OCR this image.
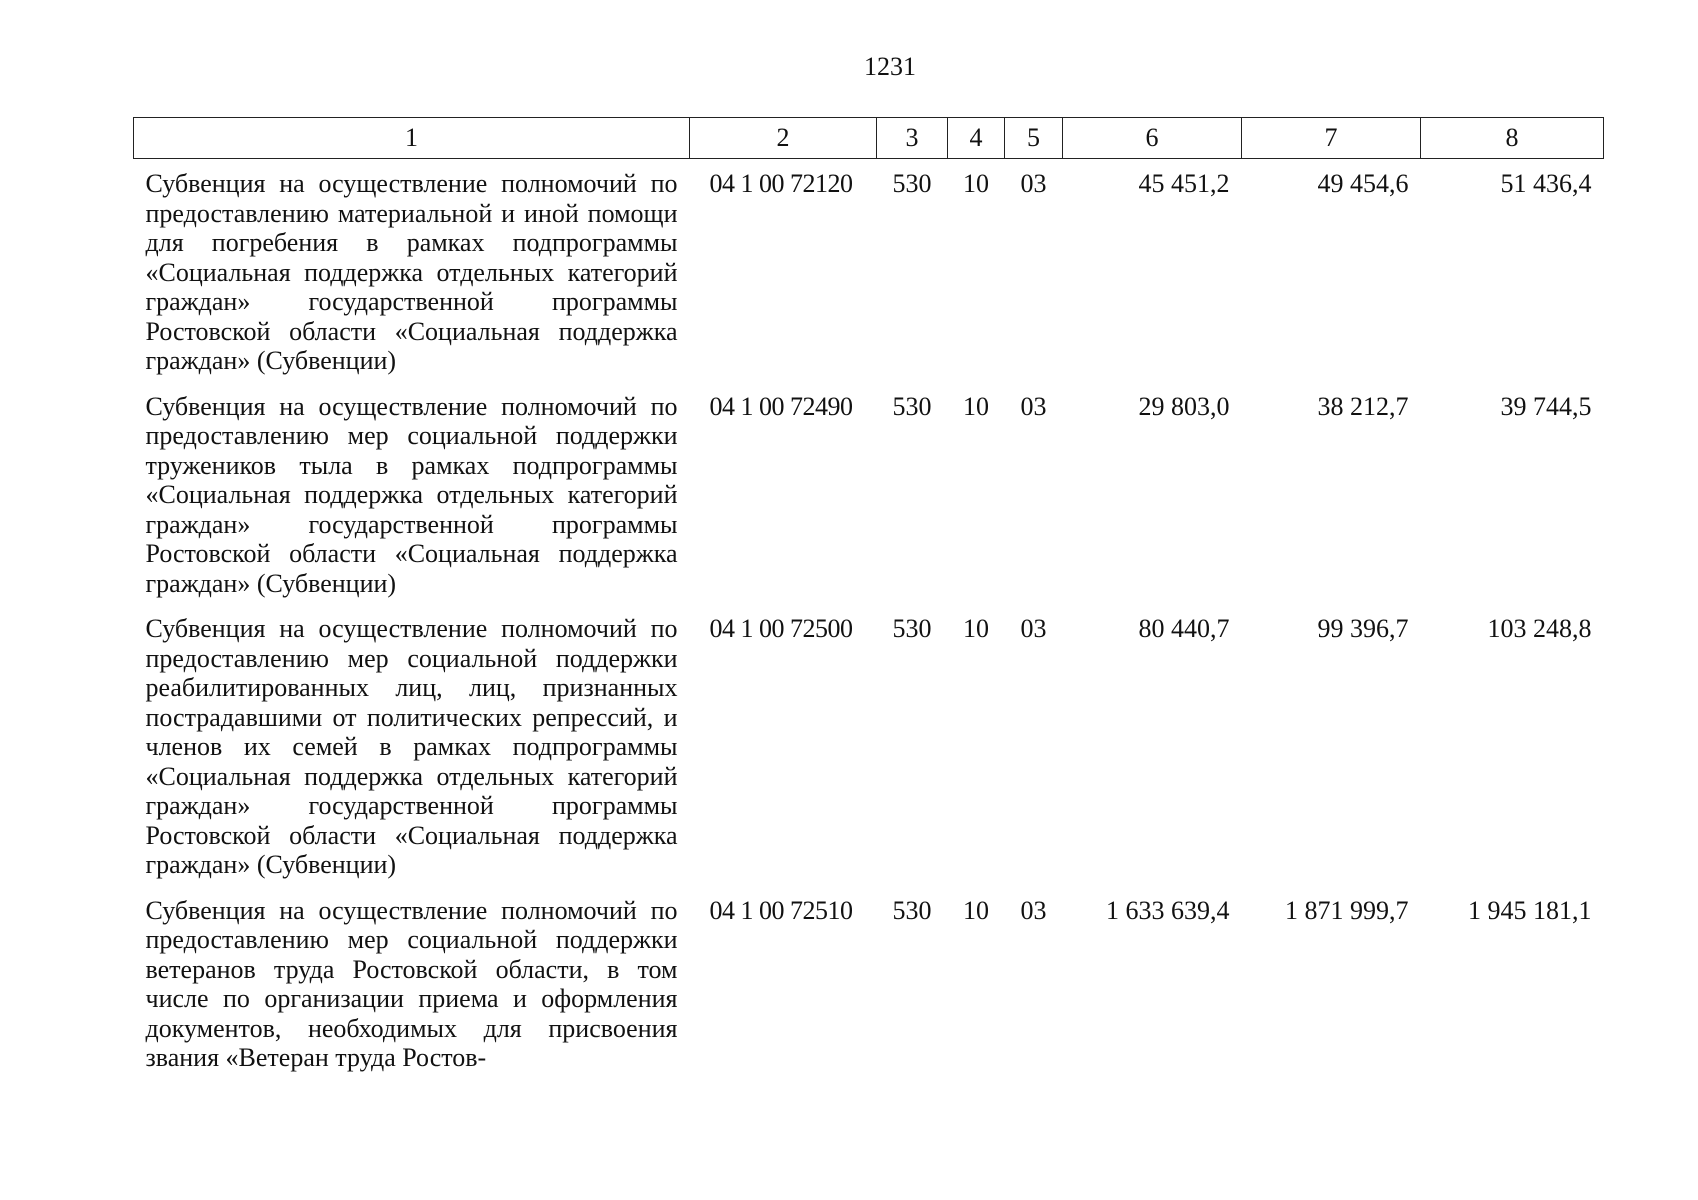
1231
1	2	3	4	5	6	7	8
Субвенция на осуществление полномочий по предоставлению материальной и иной помощи для погребения в рамках подпрограммы «Социальная поддержка отдельных категорий граждан» государственной программы Ростовской области «Социальная поддержка граждан» (Субвенции)	04 1 00 72120	530	10	03	45 451,2	49 454,6	51 436,4
Субвенция на осуществление полномочий по предоставлению мер социальной поддержки тружеников тыла в рамках подпрограммы «Социальная поддержка отдельных категорий граждан» государственной программы Ростовской области «Социальная поддержка граждан» (Субвенции)	04 1 00 72490	530	10	03	29 803,0	38 212,7	39 744,5
Субвенция на осуществление полномочий по предоставлению мер социальной поддержки реабилитированных лиц, лиц, признанных пострадавшими от политических репрессий, и членов их семей в рамках подпрограммы «Социальная поддержка отдельных категорий граждан» государственной программы Ростовской области «Социальная поддержка граждан» (Субвенции)	04 1 00 72500	530	10	03	80 440,7	99 396,7	103 248,8
Субвенция на осуществление полномочий по предоставлению мер социальной поддержки ветеранов труда Ростовской области, в том числе по организации приема и оформления документов, необходимых для присвоения звания «Ветеран труда Ростов-	04 1 00 72510	530	10	03	1 633 639,4	1 871 999,7	1 945 181,1
